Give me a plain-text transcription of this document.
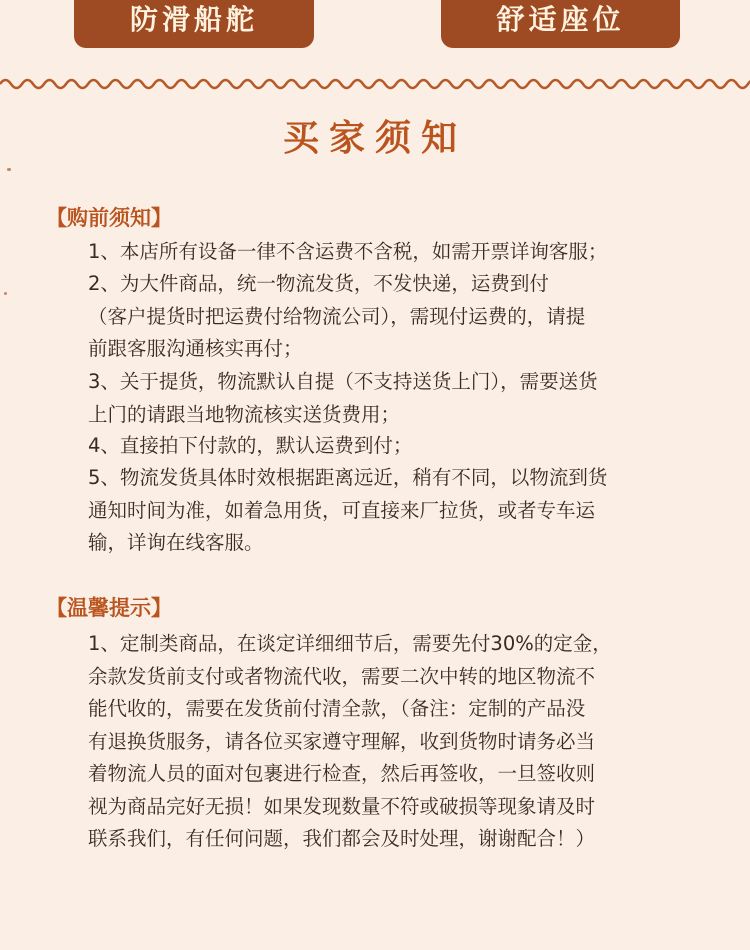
防滑船舵	舒适座位
买家须知
【购前须知】

1、本店所有设备一律不含运费不含税，如需开票详询客服；

2、为大件商品，统一物流发货，不发快递，运费到付
（客户提货时把运费付给物流公司），需现付运费的，请提
前跟客服沟通核实再付；

3、关于提货，物流默认自提（不支持送货上门），需要送货
上门的请跟当地物流核实送货费用；

4、直接拍下付款的，默认运费到付；

5、物流发货具体时效根据距离远近，稍有不同，以物流到货
通知时间为准，如着急用货，可直接来厂拉货，或者专车运
输，详询在线客服。

【温馨提示】

1、定制类商品，在谈定详细细节后，需要先付30%的定金，
余款发货前支付或者物流代收，需要二次中转的地区物流不
能代收的，需要在发货前付清全款，（备注：定制的产品没
有退换货服务，请各位买家遵守理解，收到货物时请务必当
着物流人员的面对包裹进行检查，然后再签收，一旦签收则
视为商品完好无损！如果发现数量不符或破损等现象请及时
联系我们，有任何问题，我们都会及时处理，谢谢配合！）
